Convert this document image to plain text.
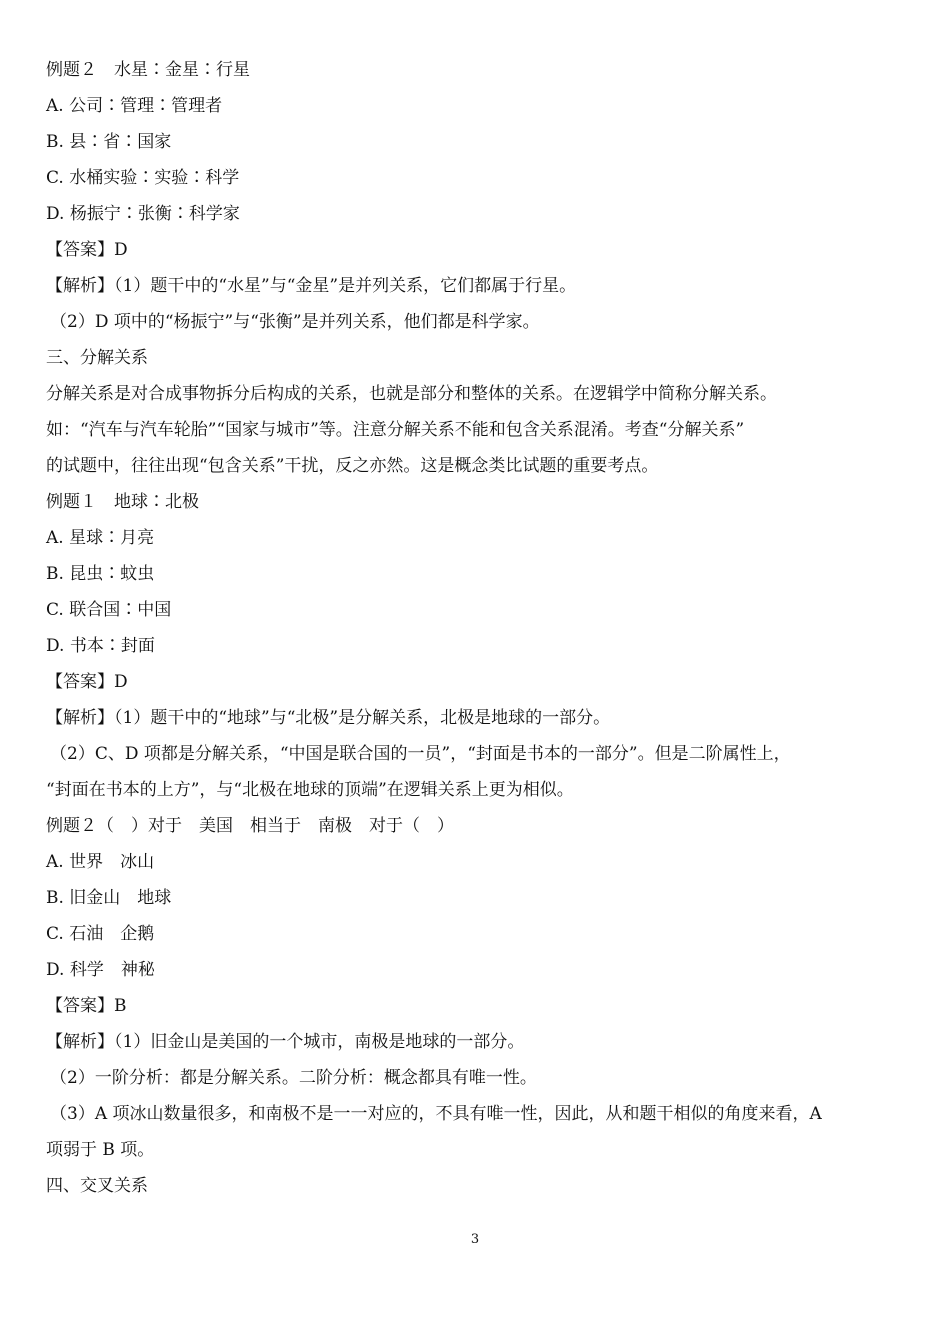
例题２　水星∶金星∶行星
A. 公司∶管理∶管理者
B. 县∶省∶国家
C. 水桶实验∶实验∶科学
D. 杨振宁∶张衡∶科学家
【答案】D
【解析】（1）题干中的“水星”与“金星”是并列关系，它们都属于行星。
（2）D 项中的“杨振宁”与“张衡”是并列关系，他们都是科学家。
三、分解关系
分解关系是对合成事物拆分后构成的关系，也就是部分和整体的关系。在逻辑学中简称分解关系。
如：“汽车与汽车轮胎”“国家与城市”等。注意分解关系不能和包含关系混淆。考查“分解关系”
的试题中，往往出现“包含关系”干扰，反之亦然。这是概念类比试题的重要考点。
例题１　地球∶北极
A. 星球∶月亮
B. 昆虫∶蚊虫
C. 联合国∶中国
D. 书本∶封面
【答案】D
【解析】（1）题干中的“地球”与“北极”是分解关系，北极是地球的一部分。
（2）C、D 项都是分解关系，“中国是联合国的一员”，“封面是书本的一部分”。但是二阶属性上，
“封面在书本的上方”，与“北极在地球的顶端”在逻辑关系上更为相似。
例题２（　）对于　美国　相当于　南极　对于（　）
A. 世界　冰山
B. 旧金山　地球
C. 石油　企鹅
D. 科学　神秘
【答案】B
【解析】（1）旧金山是美国的一个城市，南极是地球的一部分。
（2）一阶分析：都是分解关系。二阶分析：概念都具有唯一性。
（3）A 项冰山数量很多，和南极不是一一对应的，不具有唯一性，因此，从和题干相似的角度来看，A
项弱于 B 项。
四、交叉关系
3
